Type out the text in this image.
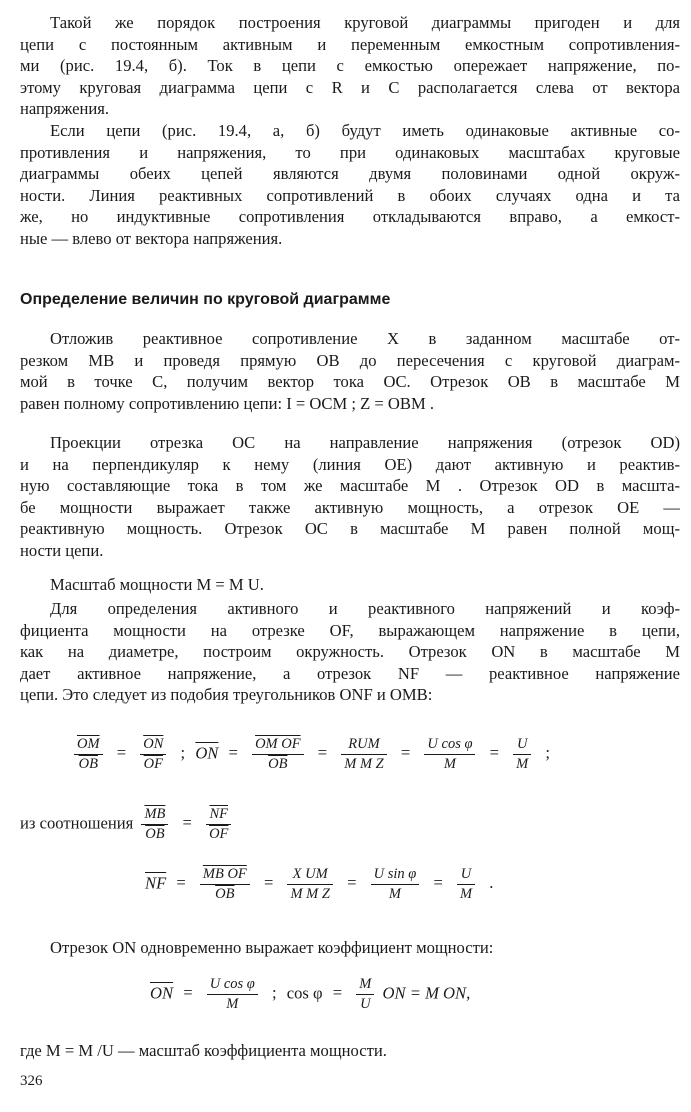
Такой же порядок построения круговой диаграммы пригоден и для
цепи с постоянным активным и переменным емкостным сопротивления-
ми (рис. 19.4, б). Ток в цепи с емкостью опережает напряжение, по-
этому круговая диаграмма цепи с R и C располагается слева от вектора
напряжения.
Если цепи (рис. 19.4, а, б) будут иметь одинаковые активные со-
противления и напряжения, то при одинаковых масштабах круговые
диаграммы обеих цепей являются двумя половинами одной окруж-
ности. Линия реактивных сопротивлений в обоих случаях одна и та
же, но индуктивные сопротивления откладываются вправо, а емкост-
ные — влево от вектора напряжения.
Определение величин по круговой диаграмме
Отложив реактивное сопротивление X в заданном масштабе от-
резком MB и проведя прямую OB до пересечения с круговой диаграм-
мой в точке C, получим вектор тока OC. Отрезок OB в масштабе M
равен полному сопротивлению цепи: I = OCM ; Z = OBM .
Проекции отрезка OC на направление напряжения (отрезок OD)
и на перпендикуляр к нему (линия OE) дают активную и реактив-
ную составляющие тока в том же масштабе M . Отрезок OD в масшта-
бе мощности выражает также активную мощность, а отрезок OE —
реактивную мощность. Отрезок OC в масштабе M равен полной мощ-
ности цепи.
Масштаб мощности M = M U.
Для определения активного и реактивного напряжений и коэф-
фициента мощности на отрезке OF, выражающем напряжение в цепи,
как на диаметре, построим окружность. Отрезок ON в масштабе M
дает активное напряжение, а отрезок NF — реактивное напряжение
цепи. Это следует из подобия треугольников ONF и OMB:
$\frac{\overline{OM}}{OB} = \frac{\overline{ON}}{OF}$ ; $\overline{ON} = \frac{\text{OM OF}}{OB} = \frac{\text{RUM}}{\text{M M Z}} = \frac{\text{U cos φ}}{M} = \frac{U}{M}$ ;
из соотношения $\frac{\overline{MB}}{OB} = \frac{\overline{NF}}{OF}$
$\overline{NF} = \frac{\text{MB OF}}{OB} = \frac{\text{X UM}}{\text{M M Z}} = \frac{\text{U sin φ}}{M} = \frac{U}{M}$ .
Отрезок ON одновременно выражает коэффициент мощности:
$\overline{ON} = \frac{\text{U cos φ}}{M}$ ; $\cos \varphi = \frac{M}{U}$ ON = M ON,
где M = M /U — масштаб коэффициента мощности.
326
